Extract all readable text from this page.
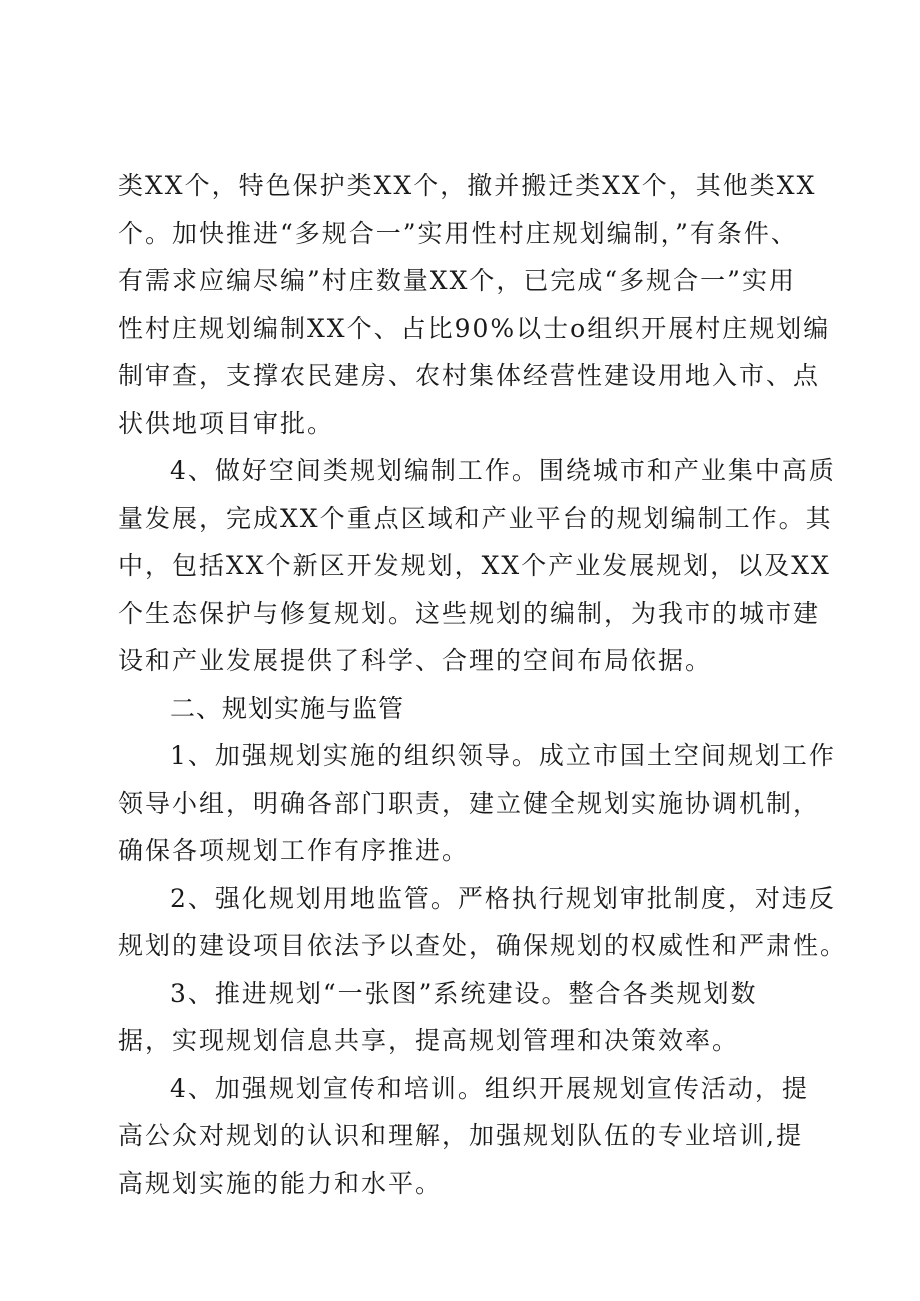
类XX个，特色保护类XX个，撤并搬迁类XX个，其他类XX
个。加快推进“多规合一”实用性村庄规划编制，”有条件、
有需求应编尽编”村庄数量XX个，已完成“多规合一”实用
性村庄规划编制XX个、占比90%以士o组织开展村庄规划编
制审查，支撑农民建房、农村集体经营性建设用地入市、点
状供地项目审批。
4、做好空间类规划编制工作。围绕城市和产业集中高质
量发展，完成XX个重点区域和产业平台的规划编制工作。其
中，包括XX个新区开发规划，XX个产业发展规划，以及XX
个生态保护与修复规划。这些规划的编制，为我市的城市建
设和产业发展提供了科学、合理的空间布局依据。
二、规划实施与监管
1、加强规划实施的组织领导。成立市国土空间规划工作
领导小组，明确各部门职责，建立健全规划实施协调机制，
确保各项规划工作有序推进。
2、强化规划用地监管。严格执行规划审批制度，对违反
规划的建设项目依法予以查处，确保规划的权威性和严肃性。
3、推进规划“一张图”系统建设。整合各类规划数
据，实现规划信息共享，提高规划管理和决策效率。
4、加强规划宣传和培训。组织开展规划宣传活动，提
高公众对规划的认识和理解，加强规划队伍的专业培训,提
高规划实施的能力和水平。
